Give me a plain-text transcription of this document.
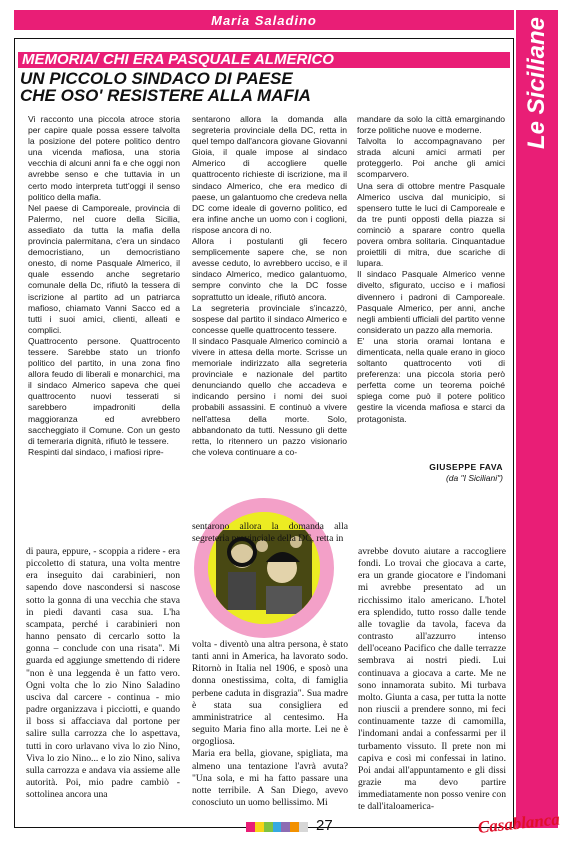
Maria Saladino	Le Siciliane
MEMORIA/ CHI ERA PASQUALE ALMERICO
UN PICCOLO SINDACO DI PAESE
CHE OSO' RESISTERE ALLA MAFIA

Vi racconto una piccola atroce storia per capire quale possa essere talvolta la posizione del potere politico dentro una vicenda mafiosa, una storia vecchia di alcuni anni fa e che oggi non avrebbe senso e che tuttavia in un certo modo interpreta tutt'oggi il senso politico della mafia.

Nel paese di Camporeale, provincia di Palermo, nel cuore della Sicilia, assediato da tutta la mafia della provincia palermitana, c'era un sindaco democristiano, un democristiano onesto, di nome Pasquale Almerico, il quale essendo anche segretario comunale della Dc, rifiutò la tessera di iscrizione al partito ad un patriarca mafioso, chiamato Vanni Sacco ed a tutti i suoi amici, clienti, alleati e complici.

Quattrocento persone. Quattrocento tessere. Sarebbe stato un trionfo politico del partito, in una zona fino allora feudo di liberali e monarchici, ma il sindaco Almerico sapeva che quei quattrocento nuovi tesserati si sarebbero impadroniti della maggioranza ed avrebbero saccheggiato il Comune. Con un gesto di temeraria dignità, rifiutò le tessere.

Respinti dal sindaco, i mafiosi ripre-

sentarono allora la domanda alla segreteria provinciale della DC, retta in quel tempo dall'ancora giovane Giovanni Gioia, il quale impose al sindaco Almerico di accogliere quelle quattrocento richieste di iscrizione, ma il sindaco Almerico, che era medico di paese, un galantuomo che credeva nella DC come ideale di governo politico, ed era infine anche un uomo con i coglioni, rispose ancora di no.

Allora i postulanti gli fecero semplicemente sapere che, se non avesse ceduto, lo avrebbero ucciso, e il sindaco Almerico, medico galantuomo, sempre convinto che la DC fosse soprattutto un ideale, rifiutò ancora.

La segreteria provinciale s'incazzò, sospese dal partito il sindaco Almerico e concesse quelle quattrocento tessere.

Il sindaco Pasquale Almerico cominciò a vivere in attesa della morte. Scrisse un memoriale indirizzato alla segreteria provinciale e nazionale del partito denunciando quello che accadeva e indicando persino i nomi dei suoi probabili assassini. E continuò a vivere nell'attesa della morte. Solo, abbandonato da tutti. Nessuno gli dette retta, lo ritennero un pazzo visionario che voleva continuare a co-

mandare da solo la città emarginando forze politiche nuove e moderne.

Talvolta lo accompagnavano per strada alcuni amici armati per proteggerlo. Poi anche gli amici scomparvero.

Una sera di ottobre mentre Pasquale Almerico usciva dal municipio, si spensero tutte le luci di Camporeale e da tre punti opposti della piazza si cominciò a sparare contro quella povera ombra solitaria. Cinquantadue proiettili di mitra, due scariche di lupara.

Il sindaco Pasquale Almerico venne divelto, sfigurato, ucciso e i mafiosi divennero i padroni di Camporeale. Pasquale Almerico, per anni, anche negli ambienti ufficiali del partito venne considerato un pazzo alla memoria.

E' una storia oramai lontana e dimenticata, nella quale erano in gioco soltanto quattrocento voti di preferenza: una piccola storia però perfetta come un teorema poiché spiega come può il potere politico gestire la vicenda mafiosa e starci da protagonista.

GIUSEPPE FAVA
(da "I Siciliani")

di paura, eppure, - scoppia a ridere - era piccoletto di statura, una volta mentre era inseguito dai carabinieri, non sapendo dove nascondersi si nascose sotto la gonna di una vecchia che stava in piedi davanti casa sua. L'ha scampata, perché i carabinieri non hanno pensato di cercarlo sotto la gonna – conclude con una risata". Mi guarda ed aggiunge smettendo di ridere "non è una leggenda è un fatto vero. Ogni volta che lo zio Nino Saladino usciva dal carcere - continua - mio padre organizzava i picciotti, e quando il boss si affacciava dal portone per salire sulla carrozza che lo aspettava, tutti in coro urlavano viva lo zio Nino, Viva lo zio Nino... e lo zio Nino, saliva sulla carrozza e andava via assieme alle autorità. Poi, mio padre cambiò - sottolinea ancora una

volta - diventò una altra persona, è stato tanti anni in America, ha lavorato sodo. Ritornò in Italia nel 1906, e sposò una donna onestissima, colta, di famiglia perbene caduta in disgrazia". Sua madre è stata sua consigliera ed amministratrice al centesimo. Ha seguito Maria fino alla morte. Lei ne è orgogliosa.

Maria era bella, giovane, spigliata, ma almeno una tentazione l'avrà avuta? "Una sola, e mi ha fatto passare una notte terribile. A San Diego, avevo conosciuto un uomo bellissimo. Mi

sentarono allora la domanda alla segreteria provinciale della DC, retta in

avrebbe dovuto aiutare a raccogliere fondi. Lo trovai che giocava a carte, era un grande giocatore e l'indomani mi avrebbe presentato ad un ricchissimo italo americano. L'hotel era splendido, tutto rosso dalle tende alle tovaglie da tavola, faceva da contrasto all'azzurro intenso dell'oceano Pacifico che dalle terrazze sembrava ai nostri piedi. Lui continuava a giocava a carte. Me ne sono innamorata subito. Mi turbava molto. Giunta a casa, per tutta la notte non riuscii a prendere sonno, mi feci continuamente tazze di camomilla, l'indomani andai a confessarmi per il turbamento vissuto. Il prete non mi capiva e così mi confessai in latino. Poi andai all'appuntamento e gli dissi grazie ma devo partire immediatamente non posso venire con te dall'italoamerica-

27	Casablanca
